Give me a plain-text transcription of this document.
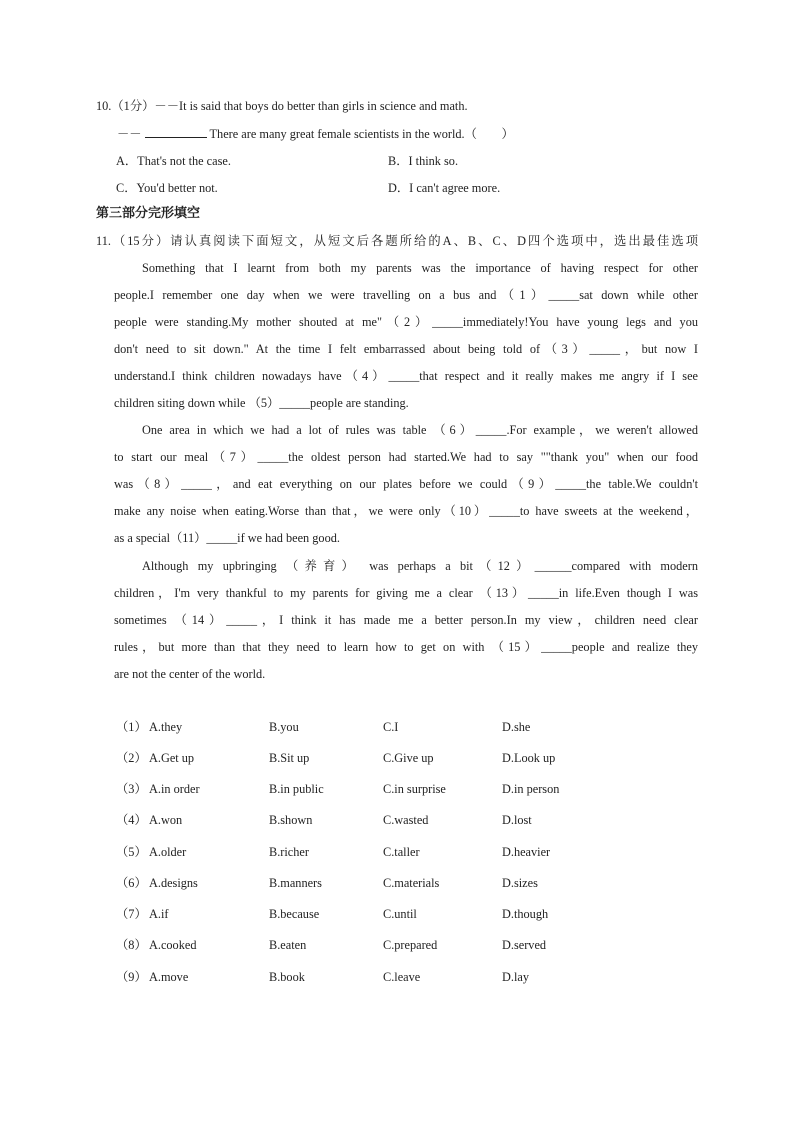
10.（1分）－－It is said that boys do better than girls in science and math.
－－	There are many great female scientists in the world.（　　）
A．That's not the case.	B．I think so.
C．You'd better not.	D．I can't agree more.
第三部分完形填空
11.（15分）请认真阅读下面短文，从短文后各题所给的A、B、C、D四个选项中，选出最佳选项
Something that I learnt from both my parents was the importance of having respect for other
people.I remember one day when we were travelling on a bus and（1）_____sat down while other
people were standing.My mother shouted at me"（2）_____immediately!You have young legs and you
don't need to sit down." At the time I felt embarrassed about being told of（3）_____，but now I
understand.I think children nowadays have（4）_____that respect and it really makes me angry if I see
children siting down while （5）_____people are standing.
One area in which we had a lot of rules was table （6）_____.For example，we weren't allowed
to start our meal（7）_____the oldest person had started.We had to say ""thank you" when our food
was（8）_____，and eat everything on our plates before we could（9）_____the table.We couldn't
make any noise when eating.Worse than that，we were only（10）_____to have sweets at the weekend，
as a special（11）_____if we had been good.
Although my upbringing （养育） was perhaps a bit（12）______compared with modern
children，I'm very thankful to my parents for giving me a clear （13）_____in life.Even though I was
sometimes （14）_____，I think it has made me a better person.In my view，children need clear
rules，but more than that they need to learn how to get on with （15）_____people and realize they
are not the center of the world.
（1） A.they	B.you	C.I	D.she
（2） A.Get up	B.Sit up	C.Give up	D.Look up
（3） A.in order	B.in public	C.in surprise	D.in person
（4） A.won	B.shown	C.wasted	D.lost
（5） A.older	B.richer	C.taller	D.heavier
（6） A.designs	B.manners	C.materials	D.sizes
（7） A.if	B.because	C.until	D.though
（8） A.cooked	B.eaten	C.prepared	D.served
（9） A.move	B.book	C.leave	D.lay
